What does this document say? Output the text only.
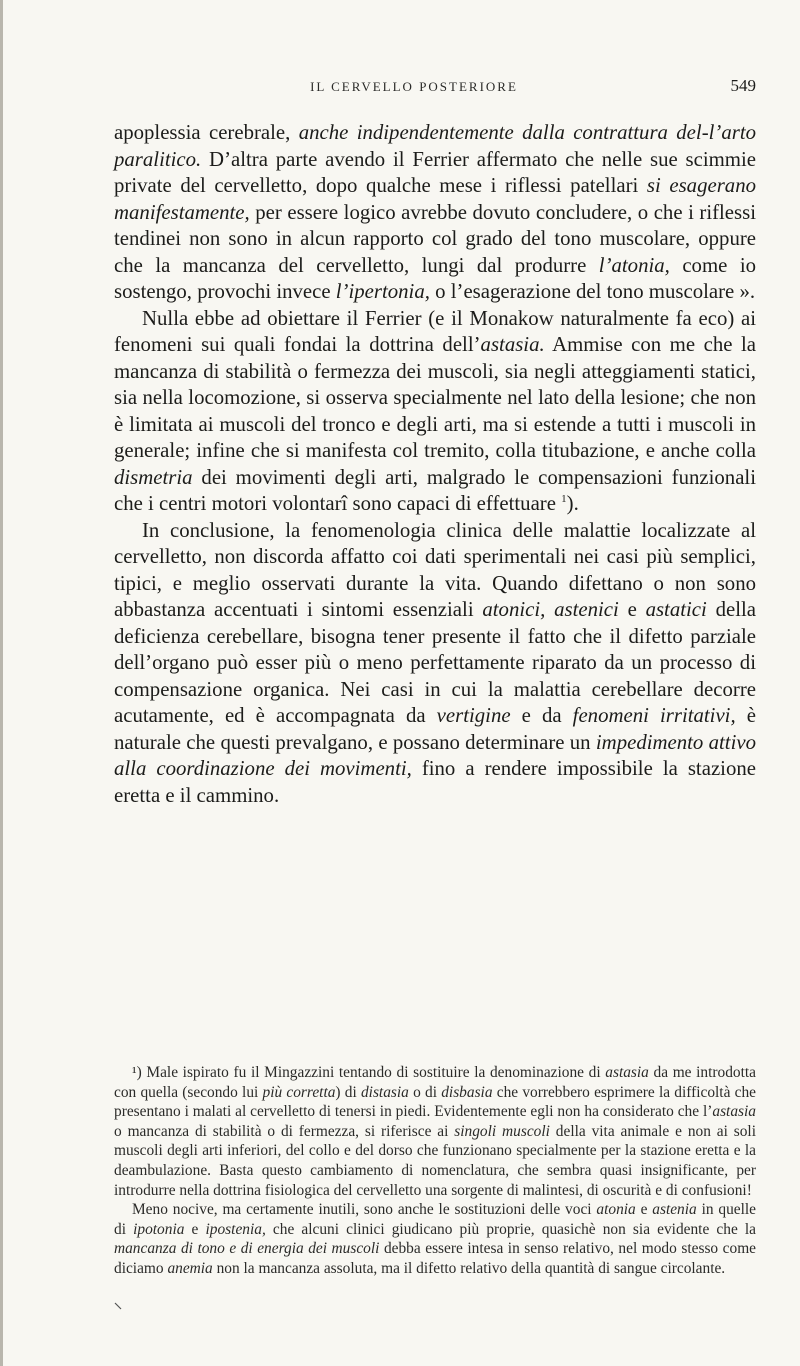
IL CERVELLO POSTERIORE	549

apoplessia cerebrale, anche indipendentemente dalla contrattura del-l’arto paralitico. D’altra parte avendo il Ferrier affermato che nelle sue scimmie private del cervelletto, dopo qualche mese i riflessi patellari si esagerano manifestamente, per essere logico avrebbe dovuto concludere, o che i riflessi tendinei non sono in alcun rapporto col grado del tono muscolare, oppure che la mancanza del cervelletto, lungi dal produrre l’atonia, come io sostengo, provochi invece l’ipertonia, o l’esagerazione del tono muscolare ».

Nulla ebbe ad obiettare il Ferrier (e il Monakow naturalmente fa eco) ai fenomeni sui quali fondai la dottrina dell’astasia. Ammise con me che la mancanza di stabilità o fermezza dei muscoli, sia negli atteggiamenti statici, sia nella locomozione, si osserva specialmente nel lato della lesione; che non è limitata ai muscoli del tronco e degli arti, ma si estende a tutti i muscoli in generale; infine che si manifesta col tremito, colla titubazione, e anche colla dismetria dei movimenti degli arti, malgrado le compensazioni funzionali che i centri motori volontarî sono capaci di effettuare $^1$).

In conclusione, la fenomenologia clinica delle malattie localizzate al cervelletto, non discorda affatto coi dati sperimentali nei casi più semplici, tipici, e meglio osservati durante la vita. Quando difettano o non sono abbastanza accentuati i sintomi essenziali atonici, astenici e astatici della deficienza cerebellare, bisogna tener presente il fatto che il difetto parziale dell’organo può esser più o meno perfettamente riparato da un processo di compensazione organica. Nei casi in cui la malattia cerebellare decorre acutamente, ed è accompagnata da vertigine e da fenomeni irritativi, è naturale che questi prevalgano, e possano determinare un impedimento attivo alla coordinazione dei movimenti, fino a rendere impossibile la stazione eretta e il cammino.

¹) Male ispirato fu il Mingazzini tentando di sostituire la denominazione di astasia da me introdotta con quella (secondo lui più corretta) di distasia o di disbasia che vorrebbero esprimere la difficoltà che presentano i malati al cervelletto di tenersi in piedi. Evidentemente egli non ha considerato che l’astasia o mancanza di stabilità o di fermezza, si riferisce ai singoli muscoli della vita animale e non ai soli muscoli degli arti inferiori, del collo e del dorso che funzionano specialmente per la stazione eretta e la deambulazione. Basta questo cambiamento di nomenclatura, che sembra quasi insignificante, per introdurre nella dottrina fisiologica del cervelletto una sorgente di malintesi, di oscurità e di confusioni!

Meno nocive, ma certamente inutili, sono anche le sostituzioni delle voci atonia e astenia in quelle di ipotonia e ipostenia, che alcuni clinici giudicano più proprie, quasichè non sia evidente che la mancanza di tono e di energia dei muscoli debba essere intesa in senso relativo, nel modo stesso come diciamo anemia non la mancanza assoluta, ma il difetto relativo della quantità di sangue circolante.
